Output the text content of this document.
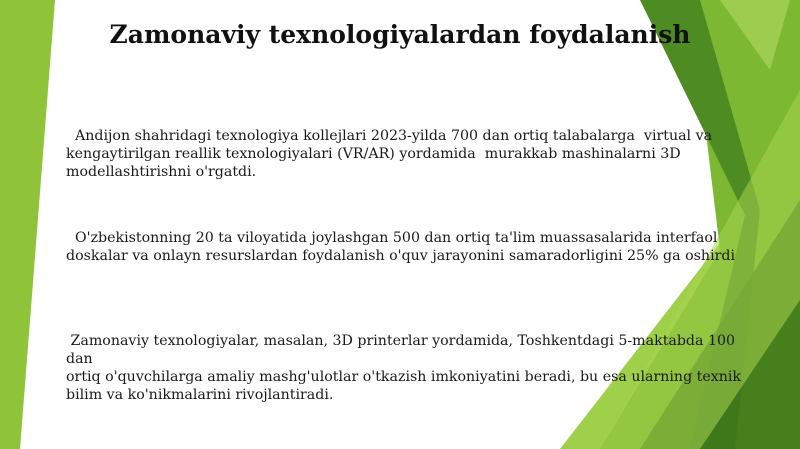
Zamonaviy texnologiyalardan foydalanish
Andijon shahridagi texnologiya kollejlari 2023-yilda 700 dan ortiq talabalarga  virtual va
kengaytirilgan reallik texnologiyalari (VR/AR) yordamida  murakkab mashinalarni 3D
modellashtirishni o'rgatdi.
O'zbekistonning 20 ta viloyatida joylashgan 500 dan ortiq ta'lim muassasalarida interfaol
doskalar va onlayn resurslardan foydalanish o'quv jarayonini samaradorligini 25% ga oshirdi
Zamonaviy texnologiyalar, masalan, 3D printerlar yordamida, Toshkentdagi 5-maktabda 100 dan
ortiq o'quvchilarga amaliy mashg'ulotlar o'tkazish imkoniyatini beradi, bu esa ularning texnik
bilim va ko'nikmalarini rivojlantiradi.
